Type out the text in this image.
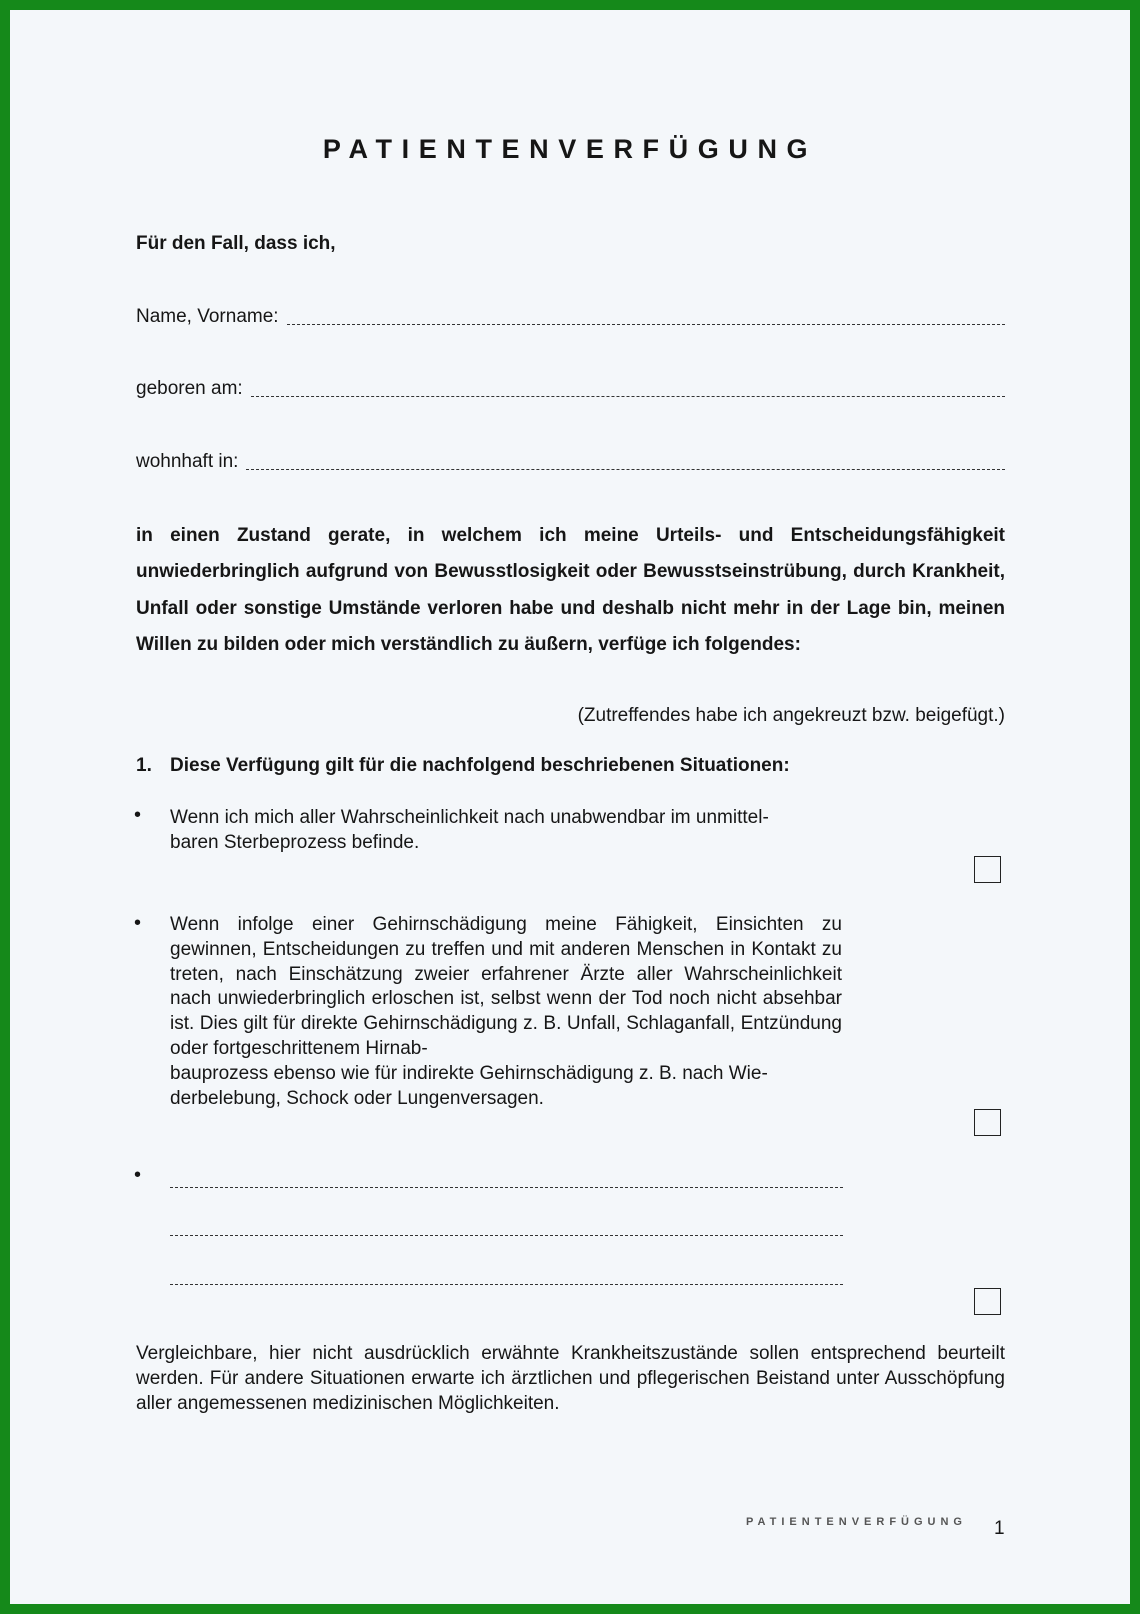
PATIENTENVERFÜGUNG
Für den Fall, dass ich,
Name, Vorname:
geboren am:
wohnhaft in:
in einen Zustand gerate, in welchem ich meine Urteils- und Entscheidungsfähigkeit unwiederbringlich aufgrund von Bewusstlosigkeit oder Bewusstseinstrübung, durch Krankheit, Unfall oder sonstige Umstände verloren habe und deshalb nicht mehr in der Lage bin, meinen Willen zu bilden oder mich verständlich zu äußern, verfüge ich folgendes:
(Zutreffendes habe ich angekreuzt bzw. beigefügt.)
1. Diese Verfügung gilt für die nachfolgend beschriebenen Situationen:
• Wenn ich mich aller Wahrscheinlichkeit nach unabwendbar im unmittel-
baren Sterbeprozess befinde.
• Wenn infolge einer Gehirnschädigung meine Fähigkeit, Einsichten zu gewinnen, Entscheidungen zu treffen und mit anderen Menschen in Kontakt zu treten, nach Einschätzung zweier erfahrener Ärzte aller Wahrscheinlichkeit nach unwiederbringlich erloschen ist, selbst wenn der Tod noch nicht absehbar ist. Dies gilt für direkte Gehirnschädigung z. B. Unfall, Schlaganfall, Entzündung oder fortgeschrittenem Hirnab-
bauprozess ebenso wie für indirekte Gehirnschädigung z. B. nach Wie-
derbelebung, Schock oder Lungenversagen.
•
Vergleichbare, hier nicht ausdrücklich erwähnte Krankheitszustände sollen entsprechend beurteilt werden. Für andere Situationen erwarte ich ärztlichen und pflegerischen Beistand unter Ausschöpfung aller angemessenen medizinischen Möglichkeiten.
PATIENTENVERFÜGUNG 1
